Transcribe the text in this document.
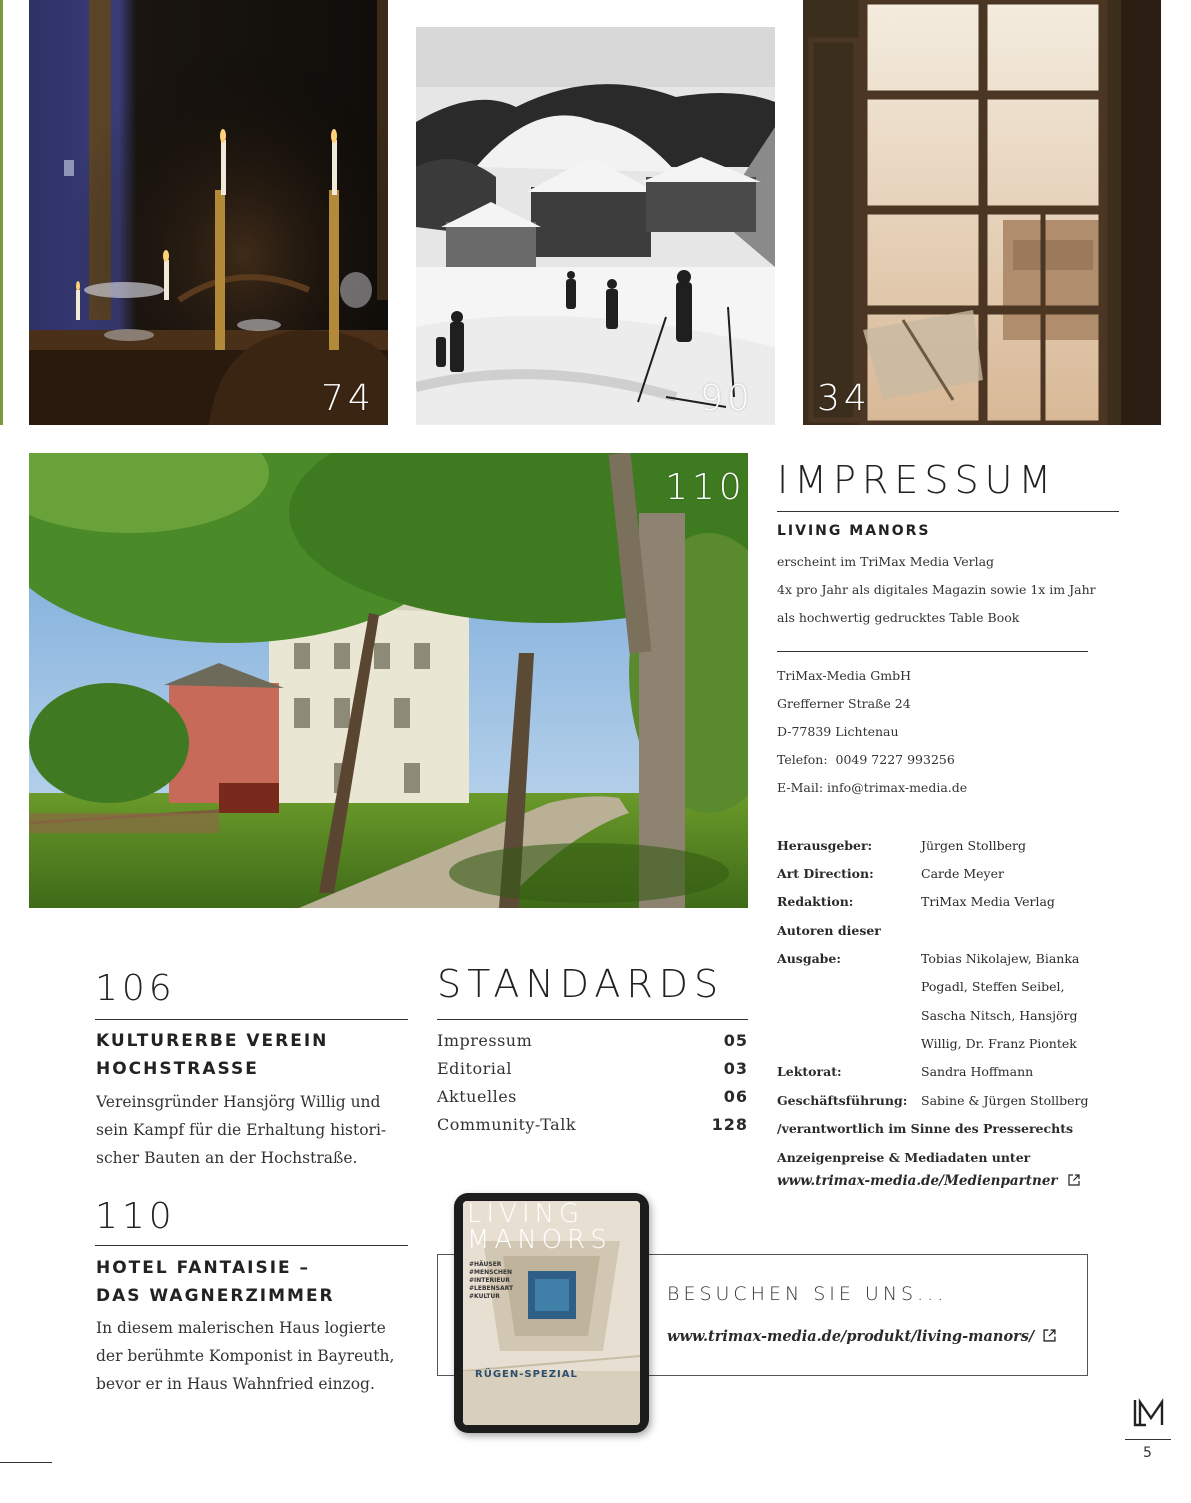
74	90 34
110 IMPRESSUM
LIVING MANORS
erscheint im TriMax Media Verlag
4x pro Jahr als digitales Magazin sowie 1x im Jahr
als hochwertig gedrucktes Table Book
TriMax-Media GmbH
Grefferner Straße 24
D-77839 Lichtenau
Telefon:  0049 7227 993256
E-Mail: info@trimax-media.de
Herausgeber:	Jürgen Stollberg
Art Direction:	Carde Meyer
Redaktion:	TriMax Media Verlag
Autoren dieser
Ausgabe:	Tobias Nikolajew, Bianka
Pogadl, Steffen Seibel,
Sascha Nitsch, Hansjörg
Willig, Dr. Franz Piontek
Lektorat:	Sandra Hoffmann
Geschäftsführung: Sabine & Jürgen Stollberg
/verantwortlich im Sinne des Presserechts
Anzeigenpreise & Mediadaten unter
www.trimax-media.de/Medienpartner
106
KULTURERBE VEREIN
HOCHSTRASSE
Vereinsgründer Hansjörg Willig und
sein Kampf für die Erhaltung histori-
scher Bauten an der Hochstraße.
110
HOTEL FANTAISIE –
DAS WAGNERZIMMER
In diesem malerischen Haus logierte
der berühmte Komponist in Bayreuth,
bevor er in Haus Wahnfried einzog.
STANDARDS
Impressum	05
Editorial	03
Aktuelles	06
Community-Talk	128
BESUCHEN SIE UNS...
www.trimax-media.de/produkt/living-manors/
LIVING
MANORS
#HÄUSER
#MENSCHEN
#INTERIEUR
#LEBENSART
#KULTUR
RÜGEN-SPEZIAL
5
